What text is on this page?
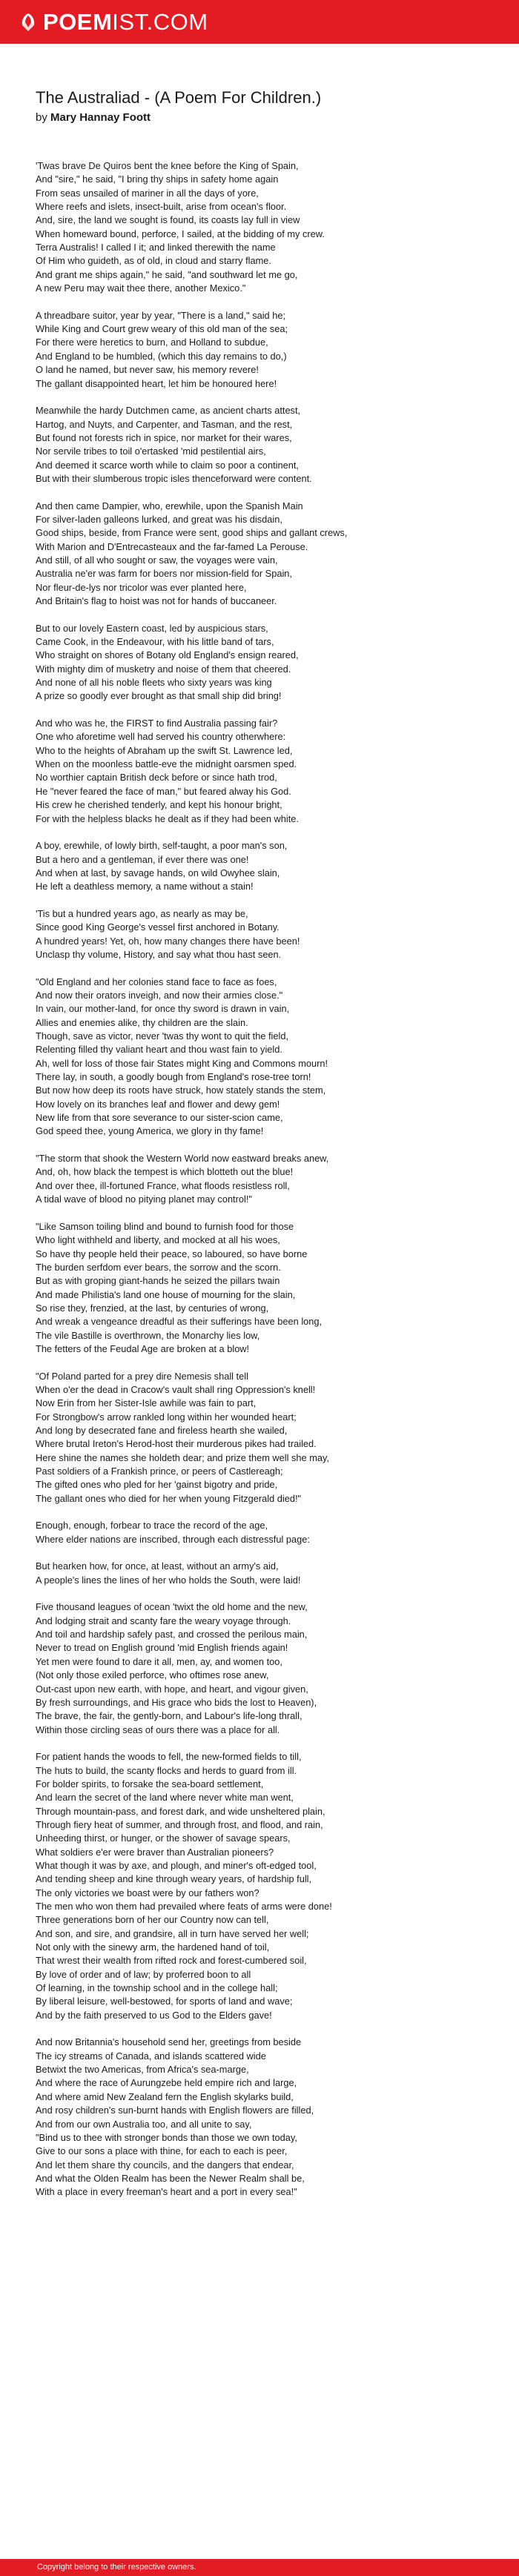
POEM IST.COM
The Australiad - (A Poem For Children.)
by Mary Hannay Foott
'Twas brave De Quiros bent the knee before the King of Spain,
And "sire," he said, "I bring thy ships in safety home again
From seas unsailed of mariner in all the days of yore,
Where reefs and islets, insect-built, arise from ocean's floor.
And, sire, the land we sought is found, its coasts lay full in view
When homeward bound, perforce, I sailed, at the bidding of my crew.
Terra Australis! I called I it; and linked therewith the name
Of Him who guideth, as of old, in cloud and starry flame.
And grant me ships again," he said, "and southward let me go,
A new Peru may wait thee there, another Mexico."
A threadbare suitor, year by year, "There is a land," said he;
While King and Court grew weary of this old man of the sea;
For there were heretics to burn, and Holland to subdue,
And England to be humbled, (which this day remains to do,)
O land he named, but never saw, his memory revere!
The gallant disappointed heart, let him be honoured here!
Meanwhile the hardy Dutchmen came, as ancient charts attest,
Hartog, and Nuyts, and Carpenter, and Tasman, and the rest,
But found not forests rich in spice, nor market for their wares,
Nor servile tribes to toil o'ertasked 'mid pestilential airs,
And deemed it scarce worth while to claim so poor a continent,
But with their slumberous tropic isles thenceforward were content.
And then came Dampier, who, erewhile, upon the Spanish Main
For silver-laden galleons lurked, and great was his disdain,
Good ships, beside, from France were sent, good ships and gallant crews,
With Marion and D'Entrecasteaux and the far-famed La Perouse.
And still, of all who sought or saw, the voyages were vain,
Australia ne'er was farm for boers nor mission-field for Spain,
Nor fleur-de-lys nor tricolor was ever planted here,
And Britain's flag to hoist was not for hands of buccaneer.
But to our lovely Eastern coast, led by auspicious stars,
Came Cook, in the Endeavour, with his little band of tars,
Who straight on shores of Botany old England's ensign reared,
With mighty dim of musketry and noise of them that cheered.
And none of all his noble fleets who sixty years was king
A prize so goodly ever brought as that small ship did bring!
And who was he, the FIRST to find Australia passing fair?
One who aforetime well had served his country otherwhere:
Who to the heights of Abraham up the swift St. Lawrence led,
When on the moonless battle-eve the midnight oarsmen sped.
No worthier captain British deck before or since hath trod,
He "never feared the face of man," but feared alway his God.
His crew he cherished tenderly, and kept his honour bright,
For with the helpless blacks he dealt as if they had been white.
A boy, erewhile, of lowly birth, self-taught, a poor man's son,
But a hero and a gentleman, if ever there was one!
And when at last, by savage hands, on wild Owyhee slain,
He left a deathless memory, a name without a stain!
'Tis but a hundred years ago, as nearly as may be,
Since good King George's vessel first anchored in Botany.
A hundred years! Yet, oh, how many changes there have been!
Unclasp thy volume, History, and say what thou hast seen.
"Old England and her colonies stand face to face as foes,
And now their orators inveigh, and now their armies close."
In vain, our mother-land, for once thy sword is drawn in vain,
Allies and enemies alike, thy children are the slain.
Though, save as victor, never 'twas thy wont to quit the field,
Relenting filled thy valiant heart and thou wast fain to yield.
Ah, well for loss of those fair States might King and Commons mourn!
There lay, in south, a goodly bough from England's rose-tree torn!
But now how deep its roots have struck, how stately stands the stem,
How lovely on its branches leaf and flower and dewy gem!
New life from that sore severance to our sister-scion came,
God speed thee, young America, we glory in thy fame!
"The storm that shook the Western World now eastward breaks anew,
And, oh, how black the tempest is which blotteth out the blue!
And over thee, ill-fortuned France, what floods resistless roll,
A tidal wave of blood no pitying planet may control!"
"Like Samson toiling blind and bound to furnish food for those
Who light withheld and liberty, and mocked at all his woes,
So have thy people held their peace, so laboured, so have borne
The burden serfdom ever bears, the sorrow and the scorn.
But as with groping giant-hands he seized the pillars twain
And made Philistia's land one house of mourning for the slain,
So rise they, frenzied, at the last, by centuries of wrong,
And wreak a vengeance dreadful as their sufferings have been long,
The vile Bastille is overthrown, the Monarchy lies low,
The fetters of the Feudal Age are broken at a blow!
"Of Poland parted for a prey dire Nemesis shall tell
When o'er the dead in Cracow's vault shall ring Oppression's knell!
Now Erin from her Sister-Isle awhile was fain to part,
For Strongbow's arrow rankled long within her wounded heart;
And long by desecrated fane and fireless hearth she wailed,
Where brutal Ireton's Herod-host their murderous pikes had trailed.
Here shine the names she holdeth dear; and prize them well she may,
Past soldiers of a Frankish prince, or peers of Castlereagh;
The gifted ones who pled for her 'gainst bigotry and pride,
The gallant ones who died for her when young Fitzgerald died!"
Enough, enough, forbear to trace the record of the age,
Where elder nations are inscribed, through each distressful page:
But hearken how, for once, at least, without an army's aid,
A people's lines the lines of her who holds the South, were laid!
Five thousand leagues of ocean 'twixt the old home and the new,
And lodging strait and scanty fare the weary voyage through.
And toil and hardship safely past, and crossed the perilous main,
Never to tread on English ground 'mid English friends again!
Yet men were found to dare it all, men, ay, and women too,
(Not only those exiled perforce, who oftimes rose anew,
Out-cast upon new earth, with hope, and heart, and vigour given,
By fresh surroundings, and His grace who bids the lost to Heaven),
The brave, the fair, the gently-born, and Labour's life-long thrall,
Within those circling seas of ours there was a place for all.
For patient hands the woods to fell, the new-formed fields to till,
The huts to build, the scanty flocks and herds to guard from ill.
For bolder spirits, to forsake the sea-board settlement,
And learn the secret of the land where never white man went,
Through mountain-pass, and forest dark, and wide unsheltered plain,
Through fiery heat of summer, and through frost, and flood, and rain,
Unheeding thirst, or hunger, or the shower of savage spears,
What soldiers e'er were braver than Australian pioneers?
What though it was by axe, and plough, and miner's oft-edged tool,
And tending sheep and kine through weary years, of hardship full,
The only victories we boast were by our fathers won?
The men who won them had prevailed where feats of arms were done!
Three generations born of her our Country now can tell,
And son, and sire, and grandsire, all in turn have served her well;
Not only with the sinewy arm, the hardened hand of toil,
That wrest their wealth from rifted rock and forest-cumbered soil,
By love of order and of law; by proferred boon to all
Of learning, in the township school and in the college hall;
By liberal leisure, well-bestowed, for sports of land and wave;
And by the faith preserved to us God to the Elders gave!
And now Britannia's household send her, greetings from beside
The icy streams of Canada, and islands scattered wide
Betwixt the two Americas, from Africa's sea-marge,
And where the race of Aurungzebe held empire rich and large,
And where amid New Zealand fern the English skylarks build,
And rosy children's sun-burnt hands with English flowers are filled,
And from our own Australia too, and all unite to say,
"Bind us to thee with stronger bonds than those we own today,
Give to our sons a place with thine, for each to each is peer,
And let them share thy councils, and the dangers that endear,
And what the Olden Realm has been the Newer Realm shall be,
With a place in every freeman's heart and a port in every sea!"
Copyright belong to their respective owners.
